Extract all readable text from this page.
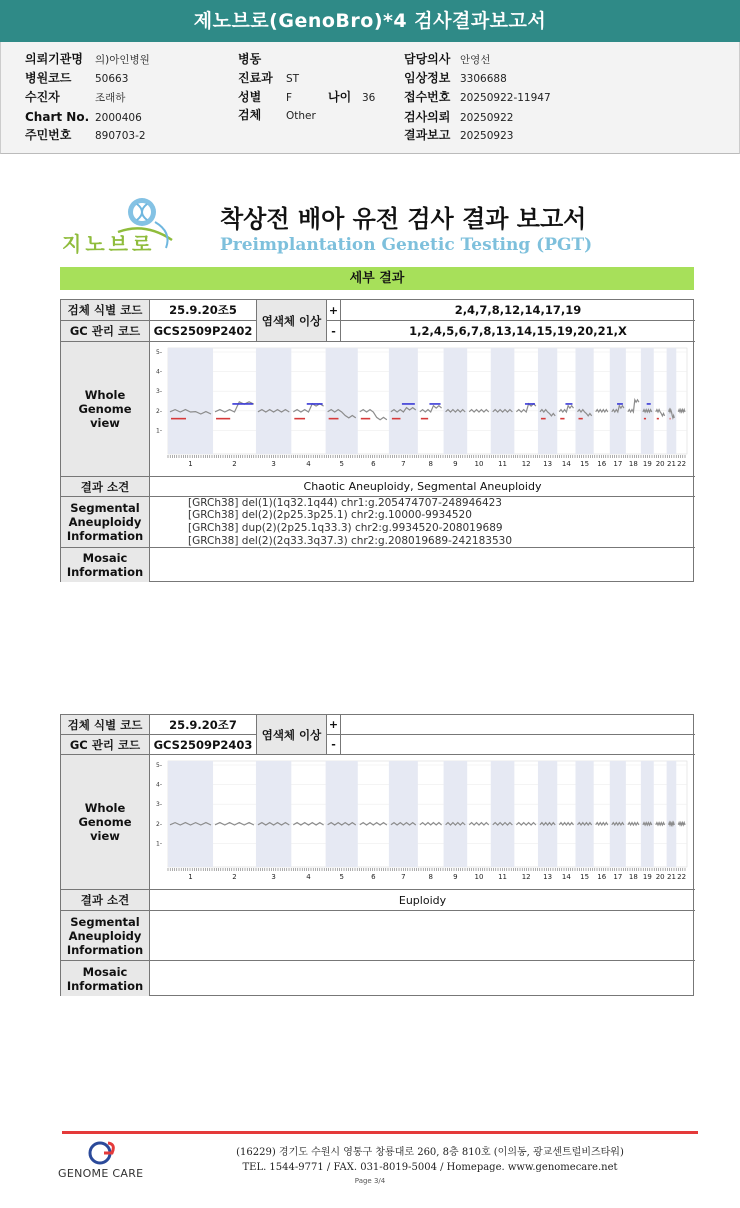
제노브로(GenoBro)*4 검사결과보고서
의뢰기관명 의)아인병원
병원코드 50663
수진자	조래하
Chart No. 2000406
주민번호 890703-2
병동
진료과 ST
성별 F	나이 36
검체 Other
담당의사 안영선
임상정보 3306688
접수번호 20250922-11947
검사의뢰 20250922
결과보고 20250923
지노브로
착상전 배아 유전 검사 결과 보고서
Preimplantation Genetic Testing (PGT)
세부 결과
검체 식별 코드	25.9.20조5
염색체 이상
+	2,4,7,8,12,14,17,19
GC 관리 코드	GCS2509P2402	-	1,2,4,5,6,7,8,13,14,15,19,20,21,X
Whole Genome view
1-
2-
3-
4-
5-
1	2	3	4	5	6	7	8	9 10 11 12 13 14 15 16 17 18 19 20 21 22
결과 소견	Chaotic Aneuploidy, Segmental Aneuploidy
Segmental Aneuploidy Information
[GRCh38] del(1)(1q32.1q44) chr1:g.205474707-248946423
[GRCh38] del(2)(2p25.3p25.1) chr2:g.10000-9934520
[GRCh38] dup(2)(2p25.1q33.3) chr2:g.9934520-208019689
[GRCh38] del(2)(2q33.3q37.3) chr2:g.208019689-242183530
Mosaic Information
검체 식별 코드	25.9.20조7
염색체 이상
+
GC 관리 코드	GCS2509P2403	-
Whole Genome view
1-
2-
3-
4-
5-
1	2	3	4	5	6	7	8	9 10 11 12 13 14 15 16 17 18 19 20 21 22
결과 소견	Euploidy
Segmental Aneuploidy Information
Mosaic Information
GENOME CARE
(16229) 경기도 수원시 영통구 창룡대로 260, 8층 810호 (이의동, 광교센트럴비즈타워)
TEL. 1544-9771 / FAX. 031-8019-5004 / Homepage. www.genomecare.net
Page 3/4
